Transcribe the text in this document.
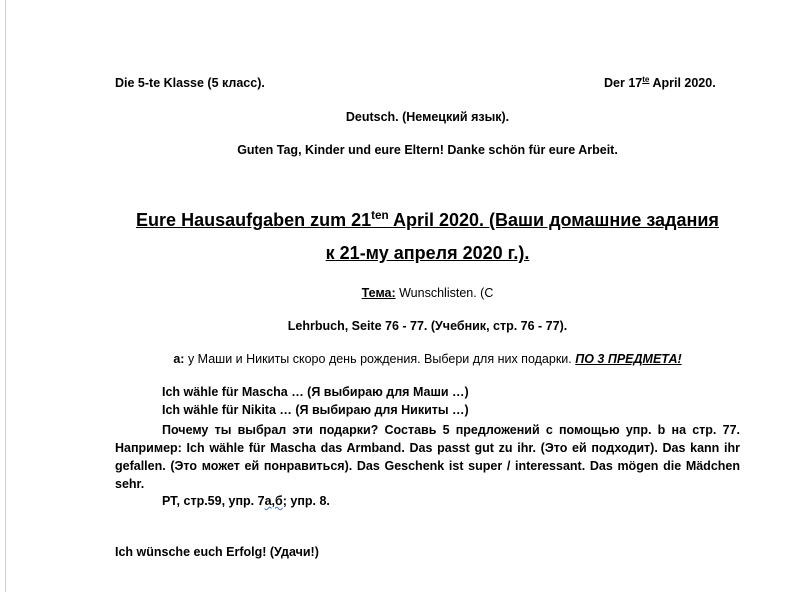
Die 5-te Klasse (5 класс).	Der $17^{te}$ April 2020.
Deutsch. (Немецкий язык).
Guten Tag, Kinder und eure Eltern! Danke schön für eure Arbeit.
Eure Hausaufgaben zum $21^{ten}$ April 2020. (Ваши домашние задания
к 21-му апреля 2020 г.).
Тема: Wunschlisten. (С
Lehrbuch, Seite 76 - 77. (Учебник, стр. 76 - 77).
a: у Маши и Никиты скоро день рождения. Выбери для них подарки. ПО 3 ПРЕДМЕТА!
Ich wähle für Mascha … (Я выбираю для Маши …)
Ich wähle für Nikita … (Я выбираю для Никиты …)
Почему ты выбрал эти подарки? Составь 5 предложений с помощью упр. b на стр. 77. Например: Ich wähle für Mascha das Armband. Das passt gut zu ihr. (Это ей подходит). Das kann ihr gefallen. (Это может ей понравиться). Das Geschenk ist super / interessant. Das mögen die Mädchen sehr.
РТ, стр.59, упр. 7а,б; упр. 8.
Ich wünsche euch Erfolg! (Удачи!)
